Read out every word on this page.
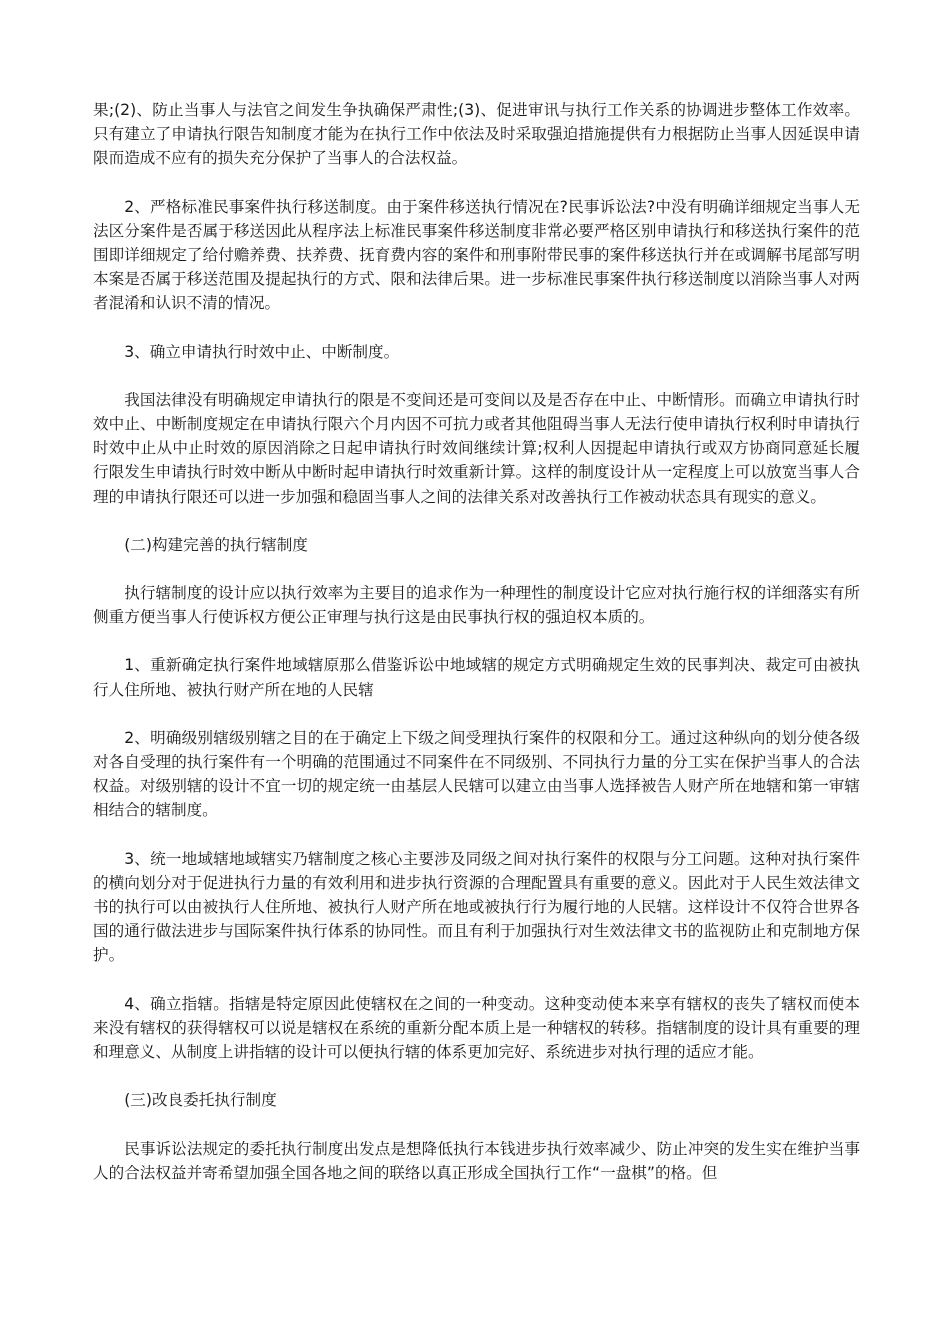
果;(2)、防止当事人与法官之间发生争执确保严肃性;(3)、促进审讯与执行工作关系的协调进步整体工作效率。只有建立了申请执行限告知制度才能为在执行工作中依法及时采取强迫措施提供有力根据防止当事人因延误申请限而造成不应有的损失充分保护了当事人的合法权益。

2、严格标准民事案件执行移送制度。由于案件移送执行情况在?民事诉讼法?中没有明确详细规定当事人无法区分案件是否属于移送因此从程序法上标准民事案件移送制度非常必要严格区别申请执行和移送执行案件的范围即详细规定了给付赡养费、扶养费、抚育费内容的案件和刑事附带民事的案件移送执行并在或调解书尾部写明本案是否属于移送范围及提起执行的方式、限和法律后果。进一步标准民事案件执行移送制度以消除当事人对两者混淆和认识不清的情况。

3、确立申请执行时效中止、中断制度。

我国法律没有明确规定申请执行的限是不变间还是可变间以及是否存在中止、中断情形。而确立申请执行时效中止、中断制度规定在申请执行限六个月内因不可抗力或者其他阻碍当事人无法行使申请执行权利时申请执行时效中止从中止时效的原因消除之日起申请执行时效间继续计算;权利人因提起申请执行或双方协商同意延长履行限发生申请执行时效中断从中断时起申请执行时效重新计算。这样的制度设计从一定程度上可以放宽当事人合理的申请执行限还可以进一步加强和稳固当事人之间的法律关系对改善执行工作被动状态具有现实的意义。

(二)构建完善的执行辖制度

执行辖制度的设计应以执行效率为主要目的追求作为一种理性的制度设计它应对执行施行权的详细落实有所侧重方便当事人行使诉权方便公正审理与执行这是由民事执行权的强迫权本质的。

1、重新确定执行案件地域辖原那么借鉴诉讼中地域辖的规定方式明确规定生效的民事判决、裁定可由被执行人住所地、被执行财产所在地的人民辖

2、明确级别辖级别辖之目的在于确定上下级之间受理执行案件的权限和分工。通过这种纵向的划分使各级对各自受理的执行案件有一个明确的范围通过不同案件在不同级别、不同执行力量的分工实在保护当事人的合法权益。对级别辖的设计不宜一切的规定统一由基层人民辖可以建立由当事人选择被告人财产所在地辖和第一审辖相结合的辖制度。

3、统一地域辖地域辖实乃辖制度之核心主要涉及同级之间对执行案件的权限与分工问题。这种对执行案件的横向划分对于促进执行力量的有效利用和进步执行资源的合理配置具有重要的意义。因此对于人民生效法律文书的执行可以由被执行人住所地、被执行人财产所在地或被执行行为履行地的人民辖。这样设计不仅符合世界各国的通行做法进步与国际案件执行体系的协同性。而且有利于加强执行对生效法律文书的监视防止和克制地方保护。

4、确立指辖。指辖是特定原因此使辖权在之间的一种变动。这种变动使本来享有辖权的丧失了辖权而使本来没有辖权的获得辖权可以说是辖权在系统的重新分配本质上是一种辖权的转移。指辖制度的设计具有重要的理和理意义、从制度上讲指辖的设计可以便执行辖的体系更加完好、系统进步对执行理的适应才能。

(三)改良委托执行制度

民事诉讼法规定的委托执行制度出发点是想降低执行本钱进步执行效率减少、防止冲突的发生实在维护当事人的合法权益并寄希望加强全国各地之间的联络以真正形成全国执行工作“一盘棋”的格。但
